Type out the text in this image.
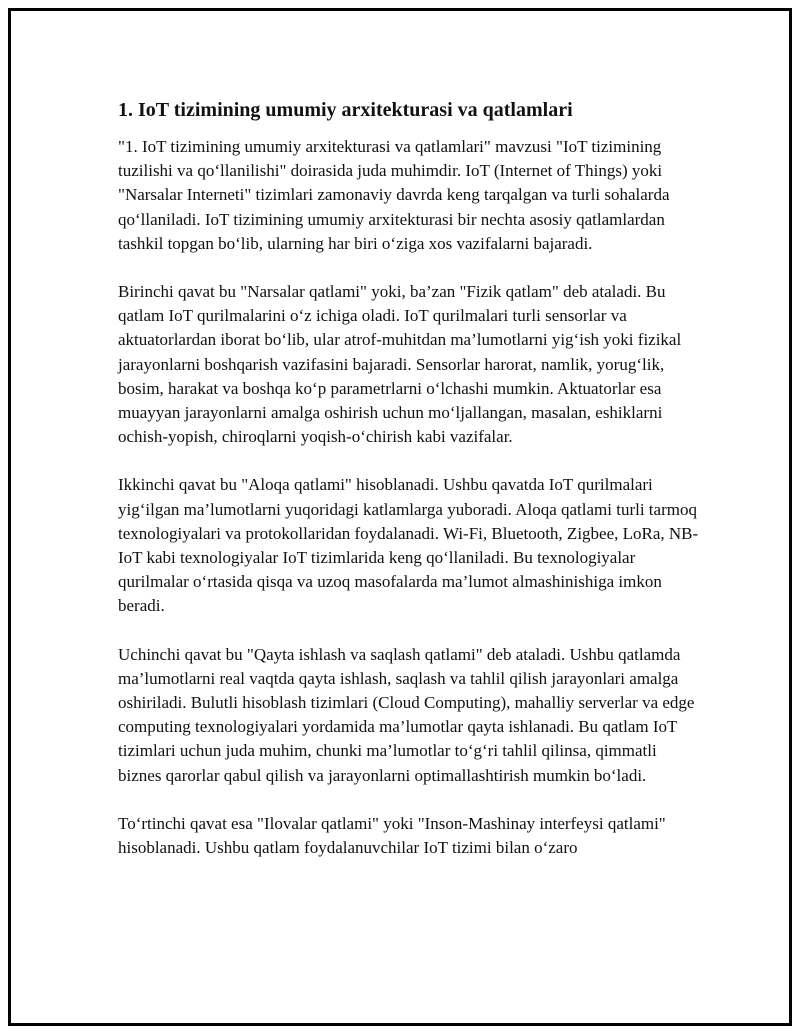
1. IoT tizimining umumiy arxitekturasi va qatlamlari

"1. IoT tizimining umumiy arxitekturasi va qatlamlari" mavzusi "IoT tizimining tuzilishi va qo‘llanilishi" doirasida juda muhimdir. IoT (Internet of Things) yoki "Narsalar Interneti" tizimlari zamonaviy davrda keng tarqalgan va turli sohalarda qo‘llaniladi. IoT tizimining umumiy arxitekturasi bir nechta asosiy qatlamlardan tashkil topgan bo‘lib, ularning har biri o‘ziga xos vazifalarni bajaradi.

Birinchi qavat bu "Narsalar qatlami" yoki, ba’zan "Fizik qatlam" deb ataladi. Bu qatlam IoT qurilmalarini o‘z ichiga oladi. IoT qurilmalari turli sensorlar va aktuatorlardan iborat bo‘lib, ular atrof-muhitdan ma’lumotlarni yig‘ish yoki fizikal jarayonlarni boshqarish vazifasini bajaradi. Sensorlar harorat, namlik, yorug‘lik, bosim, harakat va boshqa ko‘p parametrlarni o‘lchashi mumkin. Aktuatorlar esa muayyan jarayonlarni amalga oshirish uchun mo‘ljallangan, masalan, eshiklarni ochish-yopish, chiroqlarni yoqish-o‘chirish kabi vazifalar.

Ikkinchi qavat bu "Aloqa qatlami" hisoblanadi. Ushbu qavatda IoT qurilmalari yig‘ilgan ma’lumotlarni yuqoridagi katlamlarga yuboradi. Aloqa qatlami turli tarmoq texnologiyalari va protokollaridan foydalanadi. Wi-Fi, Bluetooth, Zigbee, LoRa, NB-IoT kabi texnologiyalar IoT tizimlarida keng qo‘llaniladi. Bu texnologiyalar qurilmalar o‘rtasida qisqa va uzoq masofalarda ma’lumot almashinishiga imkon beradi.

Uchinchi qavat bu "Qayta ishlash va saqlash qatlami" deb ataladi. Ushbu qatlamda ma’lumotlarni real vaqtda qayta ishlash, saqlash va tahlil qilish jarayonlari amalga oshiriladi. Bulutli hisoblash tizimlari (Cloud Computing), mahalliy serverlar va edge computing texnologiyalari yordamida ma’lumotlar qayta ishlanadi. Bu qatlam IoT tizimlari uchun juda muhim, chunki ma’lumotlar to‘g‘ri tahlil qilinsa, qimmatli biznes qarorlar qabul qilish va jarayonlarni optimallashtirish mumkin bo‘ladi.

To‘rtinchi qavat esa "Ilovalar qatlami" yoki "Inson-Mashinay interfeysi qatlami" hisoblanadi. Ushbu qatlam foydalanuvchilar IoT tizimi bilan o‘zaro
